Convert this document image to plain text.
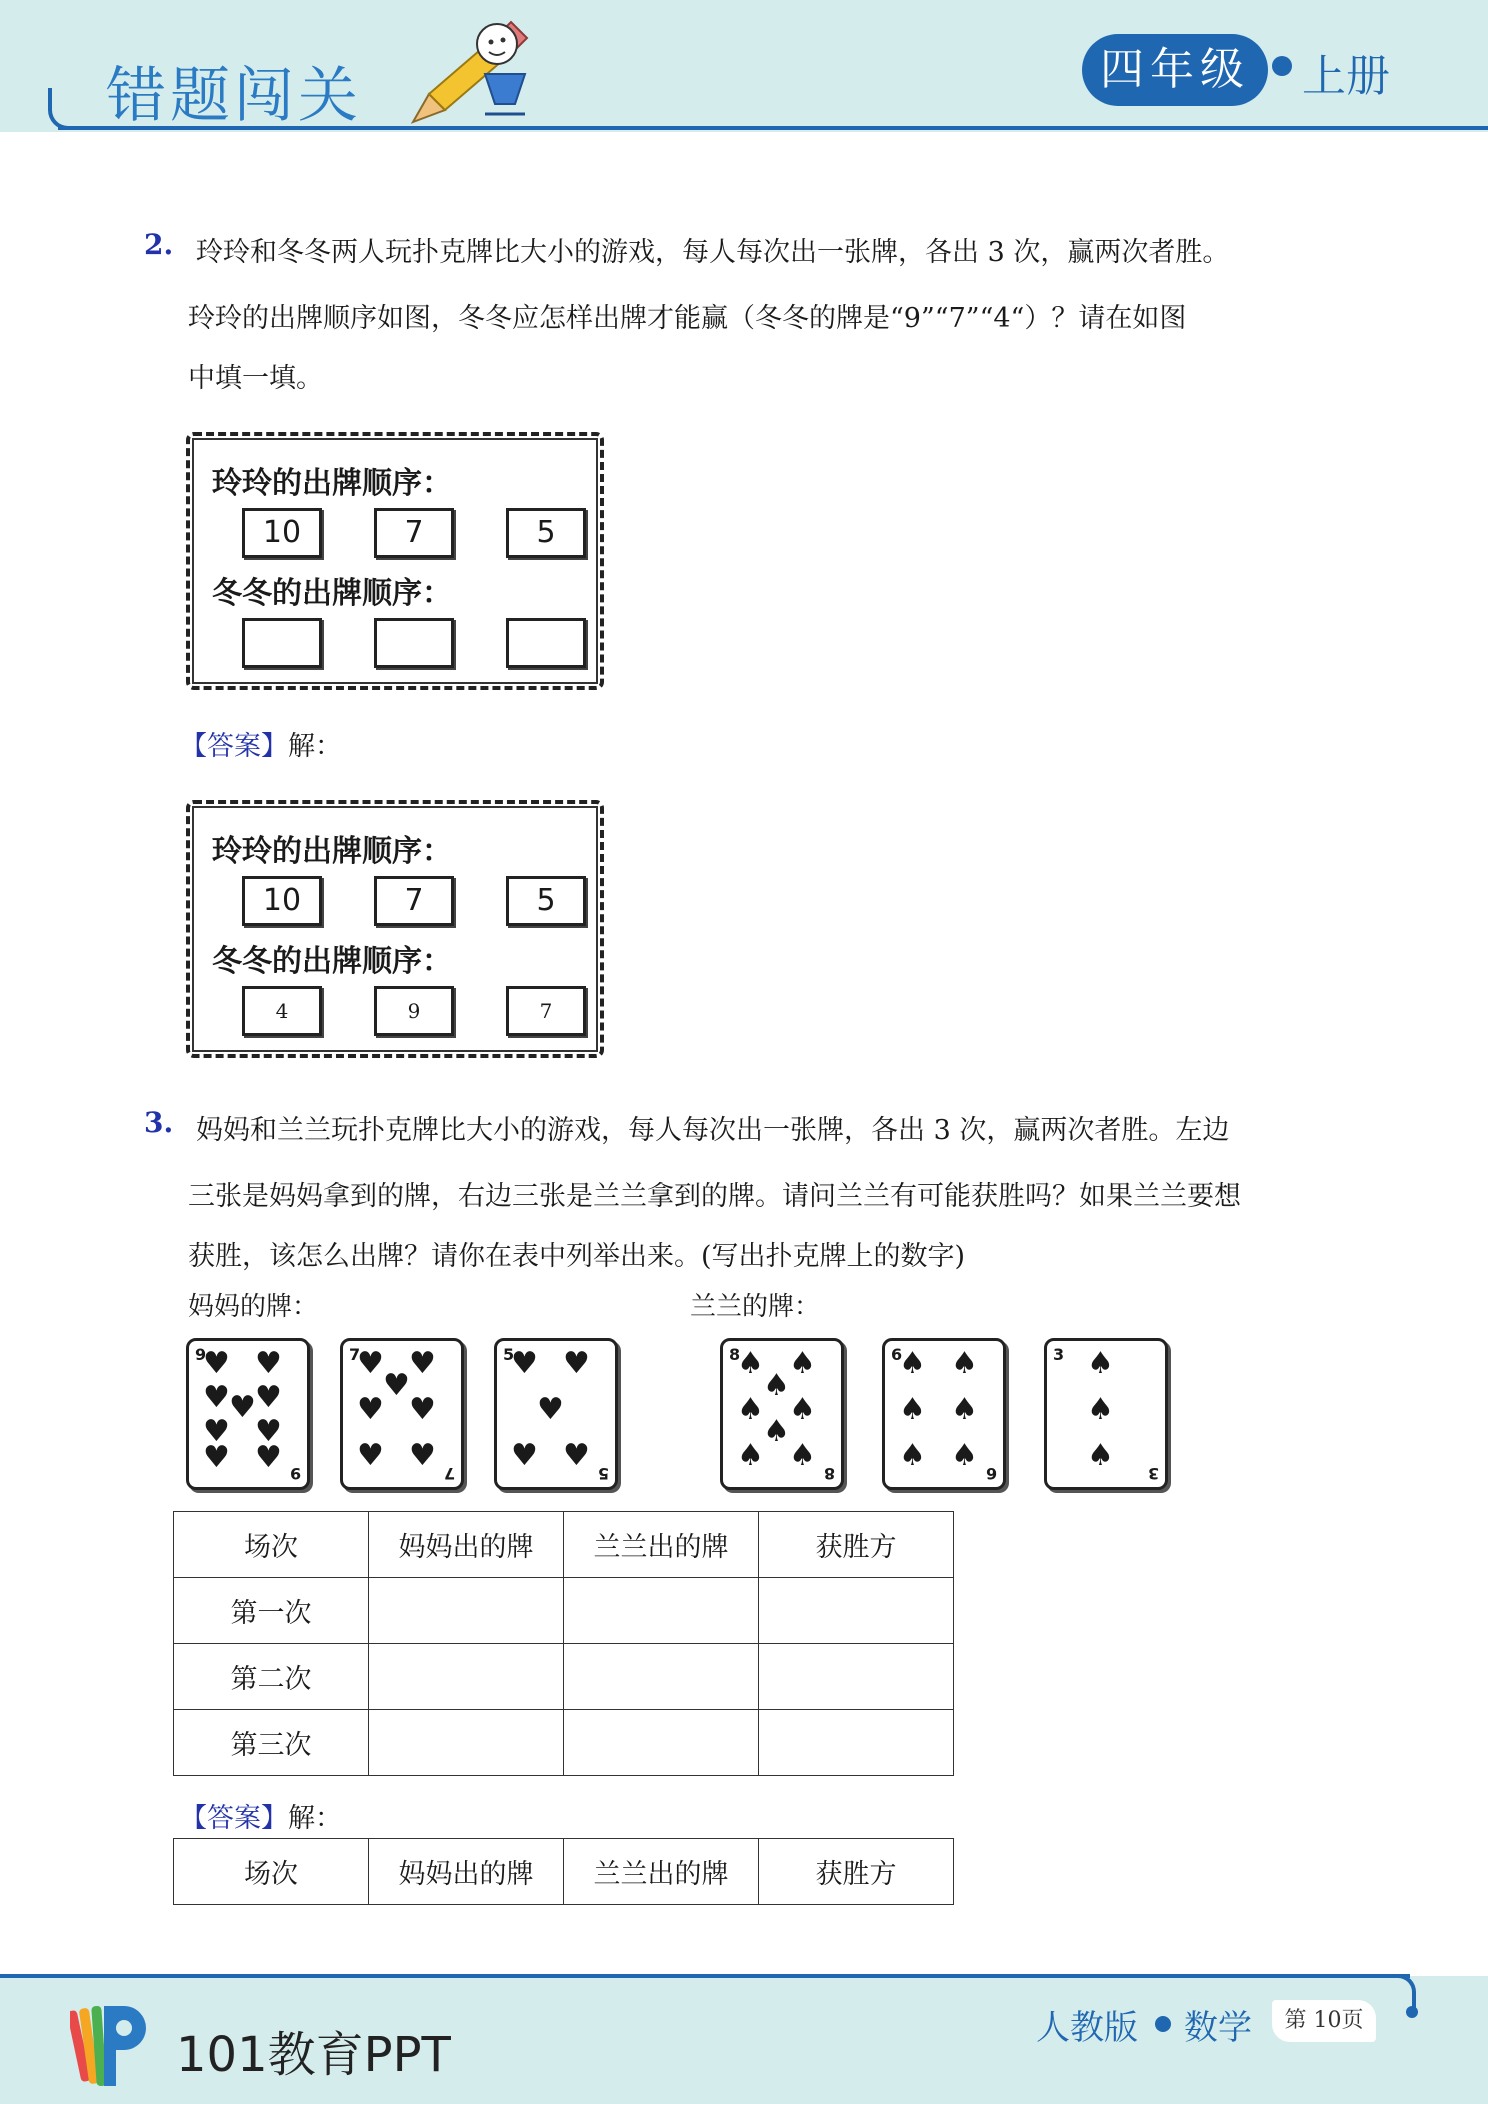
错题闯关	四年级	上册
2. 玲玲和冬冬两人玩扑克牌比大小的游戏，每人每次出一张牌，各出 3 次，赢两次者胜。
玲玲的出牌顺序如图，冬冬应怎样出牌才能赢（冬冬的牌是“9”“7”“4“）？请在如图
中填一填。
玲玲的出牌顺序：
10	7	5
冬冬的出牌顺序：
【答案】解：
玲玲的出牌顺序：
10	7	5
冬冬的出牌顺序：
4	9	7
3. 妈妈和兰兰玩扑克牌比大小的游戏，每人每次出一张牌，各出 3 次，赢两次者胜。左边
三张是妈妈拿到的牌，右边三张是兰兰拿到的牌。请问兰兰有可能获胜吗？如果兰兰要想
获胜，该怎么出牌？请你在表中列举出来。(写出扑克牌上的数字)
妈妈的牌：	兰兰的牌：
9
9
♥ ♥
♥ ♥
♥
♥ ♥
♥ ♥
7
7
♥ ♥
♥
♥ ♥
♥ ♥
5
5
♥ ♥
♥
♥ ♥
8
8
♠ ♠
♠
♠ ♠
♠
♠ ♠
6
6
♠ ♠
♠ ♠
♠ ♠
3
3
♠
♠
♠
场次	妈妈出的牌	兰兰出的牌	获胜方
第一次			
第二次			
第三次			
【答案】解：
场次	妈妈出的牌	兰兰出的牌	获胜方
101教育PPT	人教版 数学	第 10页
